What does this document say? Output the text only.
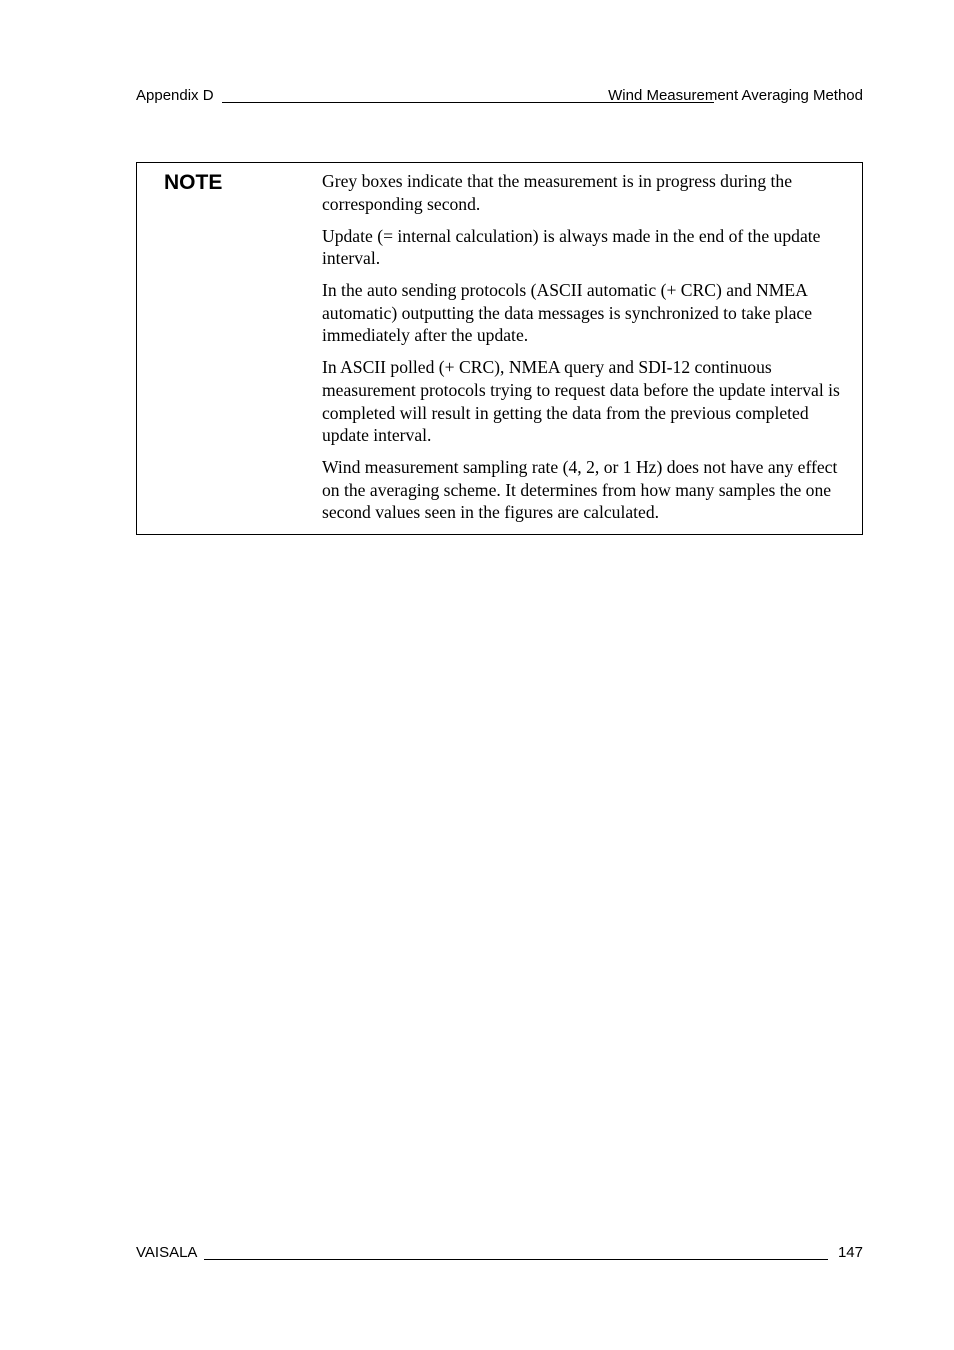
Appendix D	Wind Measurement Averaging Method
NOTE	Grey boxes indicate that the measurement is in progress during the corresponding second.

Update (= internal calculation) is always made in the end of the update interval.

In the auto sending protocols (ASCII automatic (+ CRC) and NMEA automatic) outputting the data messages is synchronized to take place immediately after the update.

In ASCII polled (+ CRC), NMEA query and SDI-12 continuous measurement protocols trying to request data before the update interval is completed will result in getting the data from the previous completed update interval.

Wind measurement sampling rate (4, 2, or 1 Hz) does not have any effect on the averaging scheme. It determines from how many samples the one second values seen in the figures are calculated.

VAISALA	147
